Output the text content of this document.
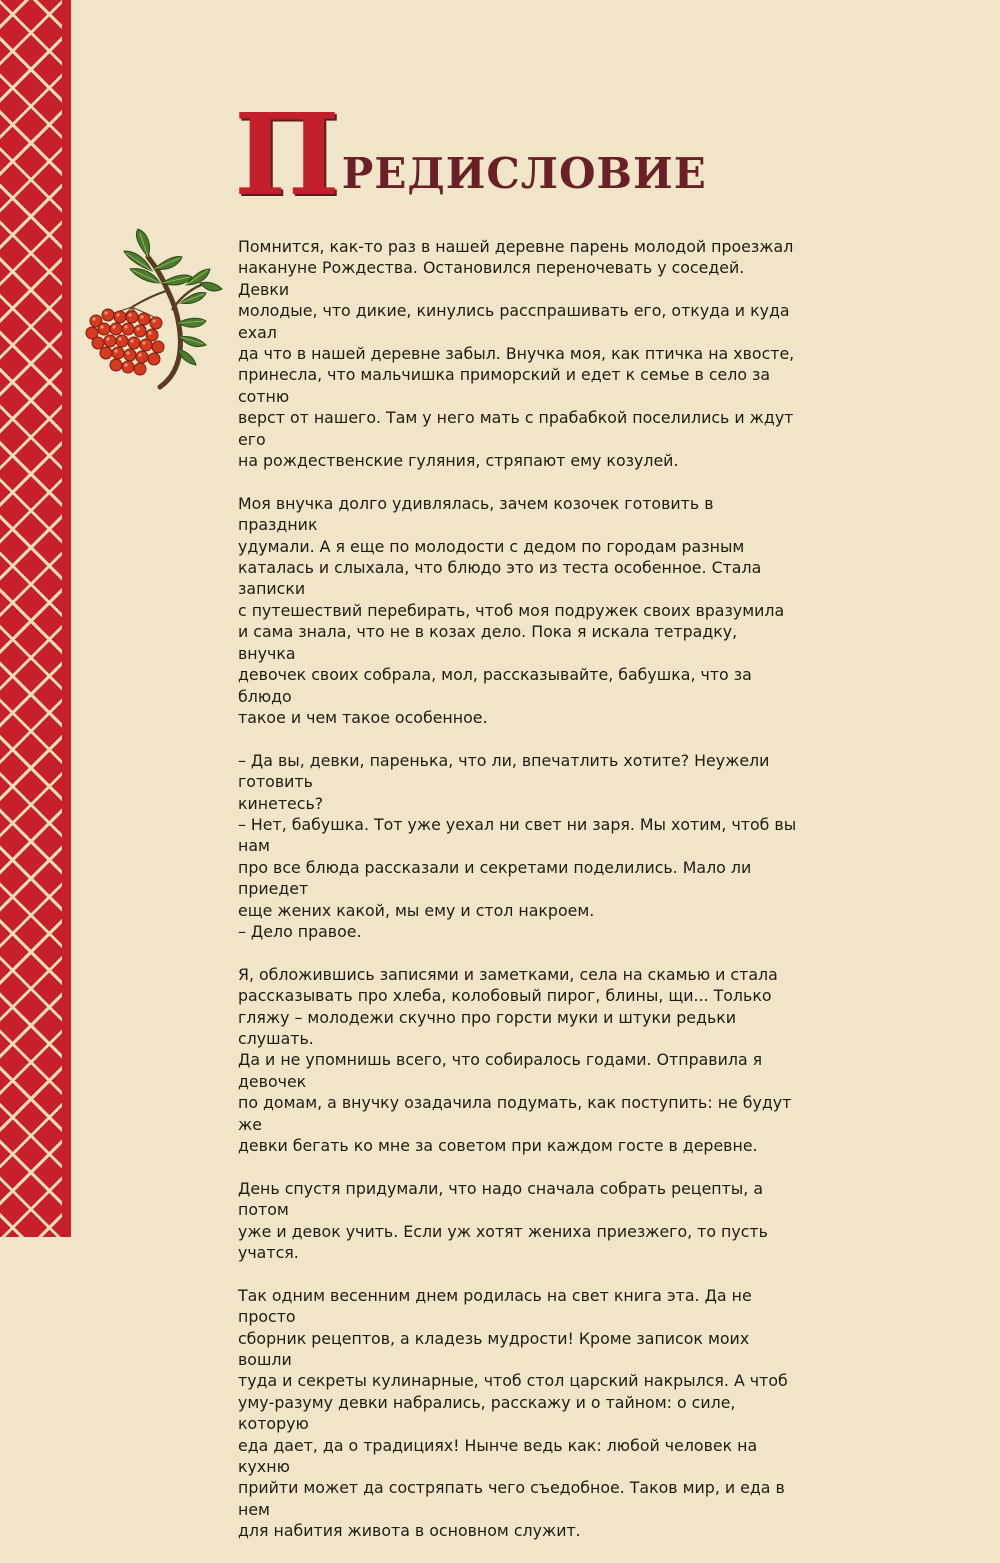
П редисловие

Помнится, как-то раз в нашей деревне парень молодой проезжал
накануне Рождества. Остановился переночевать у соседей. Девки
молодые, что дикие, кинулись расспрашивать его, откуда и куда ехал
да что в нашей деревне забыл. Внучка моя, как птичка на хвосте,
принесла, что мальчишка приморский и едет к семье в село за сотню
верст от нашего. Там у него мать с прабабкой поселились и ждут его
на рождественские гуляния, стряпают ему козулей.

Моя внучка долго удивлялась, зачем козочек готовить в праздник
удумали. А я еще по молодости с дедом по городам разным
каталась и слыхала, что блюдо это из теста особенное. Стала записки
с путешествий перебирать, чтоб моя подружек своих вразумила
и сама знала, что не в козах дело. Пока я искала тетрадку, внучка
девочек своих собрала, мол, рассказывайте, бабушка, что за блюдо
такое и чем такое особенное.

– Да вы, девки, паренька, что ли, впечатлить хотите? Неужели готовить
кинетесь?
– Нет, бабушка. Тот уже уехал ни свет ни заря. Мы хотим, чтоб вы нам
про все блюда рассказали и секретами поделились. Мало ли приедет
еще жених какой, мы ему и стол накроем.
– Дело правое.

Я, обложившись записями и заметками, села на скамью и стала
рассказывать про хлеба, колобовый пирог, блины, щи... Только
гляжу – молодежи скучно про горсти муки и штуки редьки слушать.
Да и не упомнишь всего, что собиралось годами. Отправила я девочек
по домам, а внучку озадачила подумать, как поступить: не будут же
девки бегать ко мне за советом при каждом госте в деревне.

День спустя придумали, что надо сначала собрать рецепты, а потом
уже и девок учить. Если уж хотят жениха приезжего, то пусть учатся.

Так одним весенним днем родилась на свет книга эта. Да не просто
сборник рецептов, а кладезь мудрости! Кроме записок моих вошли
туда и секреты кулинарные, чтоб стол царский накрылся. А чтоб
уму-разуму девки набрались, расскажу и о тайном: о силе, которую
еда дает, да о традициях! Нынче ведь как: любой человек на кухню
прийти может да состряпать чего съедобное. Таков мир, и еда в нем
для набития живота в основном служит.
